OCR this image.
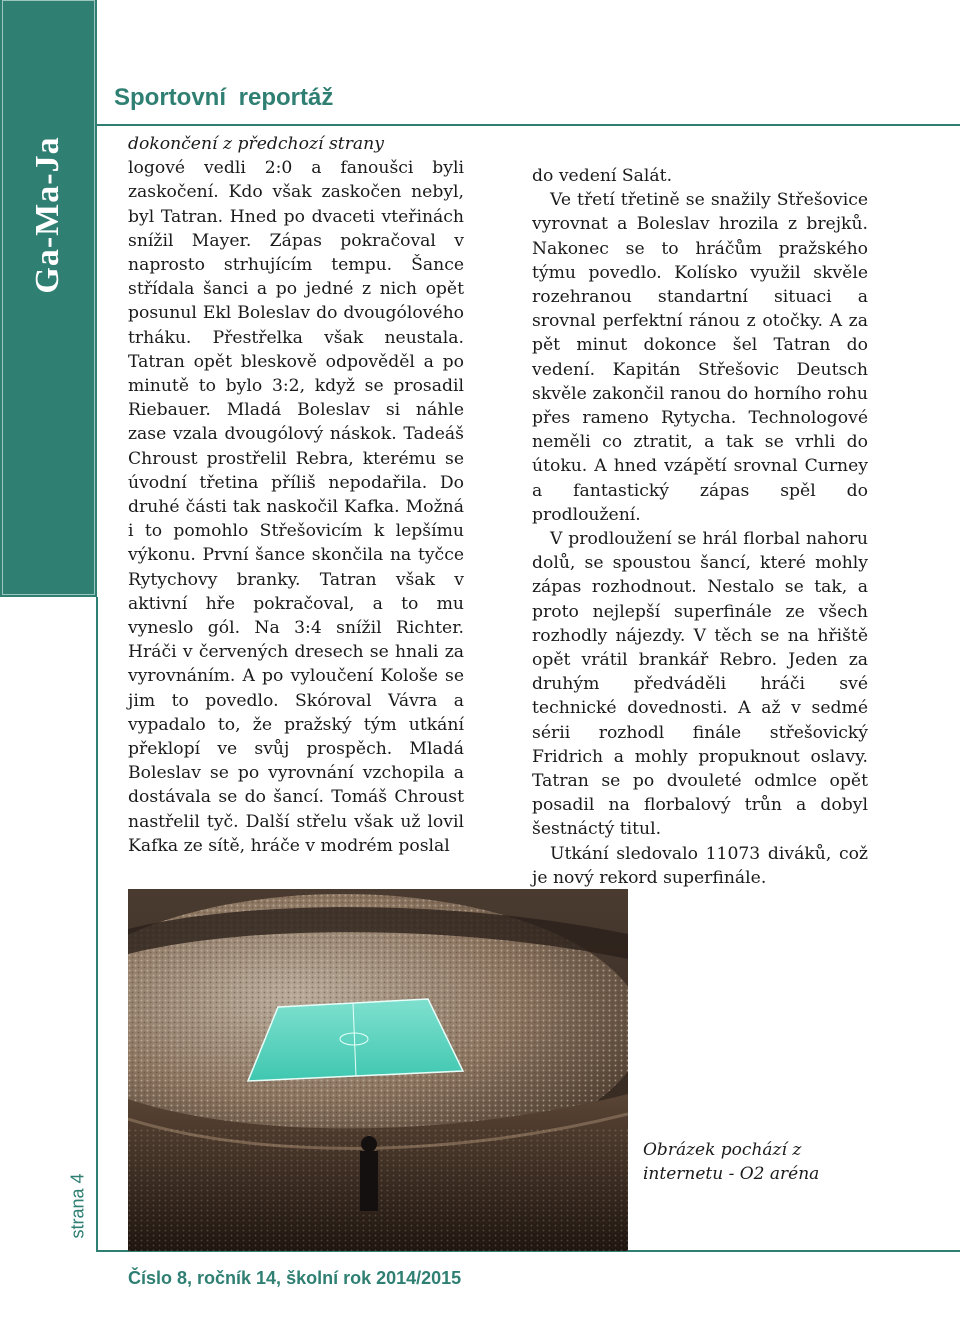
Ga-Ma-Ja
strana 4
Sportovní reportáž

dokončení z předchozí strany

logové vedli 2:0 a fanoušci byli zaskočení. Kdo však zaskočen nebyl, byl Tatran. Hned po dvaceti vteřinách snížil Mayer. Zápas pokračoval v naprosto strhujícím tempu. Šance střídala šanci a po jedné z nich opět posunul Ekl Boleslav do dvougólového trháku. Přestřelka však neustala. Tatran opět bleskově odpověděl a po minutě to bylo 3:2, když se prosadil Riebauer. Mladá Boleslav si náhle zase vzala dvougólový náskok. Tadeáš Chroust prostřelil Rebra, kterému se úvodní třetina příliš nepodařila. Do druhé části tak naskočil Kafka. Možná i to pomohlo Střešovicím k lepšímu výkonu. První šance skončila na tyčce Rytychovy branky. Tatran však v aktivní hře pokračoval, a to mu vyneslo gól. Na 3:4 snížil Richter. Hráči v červených dresech se hnali za vyrovnáním. A po vyloučení Kološe se jim to povedlo. Skóroval Vávra a vypadalo to, že pražský tým utkání překlopí ve svůj prospěch. Mladá Boleslav se po vyrovnání vzchopila a dostávala se do šancí. Tomáš Chroust nastřelil tyč. Další střelu však už lovil Kafka ze sítě, hráče v modrém poslal

do vedení Salát.

Ve třetí třetině se snažily Střešovice vyrovnat a Boleslav hrozila z brejků. Nakonec se to hráčům pražského týmu povedlo. Kolísko využil skvěle rozehranou standartní situaci a srovnal perfektní ránou z otočky. A za pět minut dokonce šel Tatran do vedení. Kapitán Střešovic Deutsch skvěle zakončil ranou do horního rohu přes rameno Rytycha. Technologové neměli co ztratit, a tak se vrhli do útoku. A hned vzápětí srovnal Curney a fantastický zápas spěl do prodloužení.

V prodloužení se hrál florbal nahoru dolů, se spoustou šancí, které mohly zápas rozhodnout. Nestalo se tak, a proto nejlepší superfinále ze všech rozhodly nájezdy. V těch se na hřiště opět vrátil brankář Rebro. Jeden za druhým předváděli hráči své technické dovednosti. A až v sedmé sérii rozhodl finále střešovický Fridrich a mohly propuknout oslavy. Tatran se po dvouleté odmlce opět posadil na florbalový trůn a dobyl šestnáctý titul.

Utkání sledovalo 11073 diváků, což je nový rekord superfinále.

Obrázek pochází z internetu - O2 aréna
Číslo 8, ročník 14, školní rok 2014/2015
